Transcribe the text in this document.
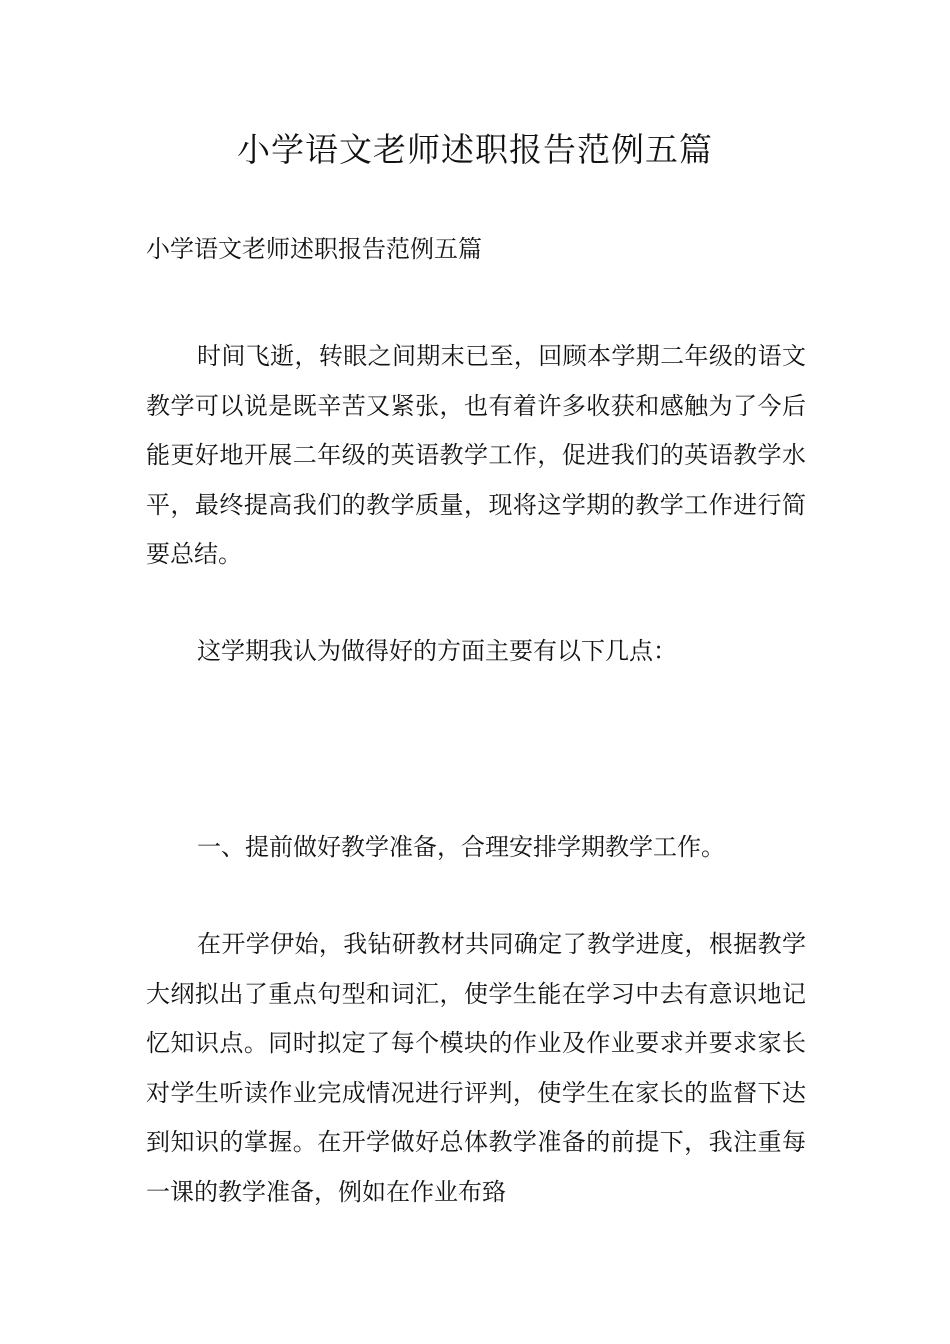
小学语文老师述职报告范例五篇
小学语文老师述职报告范例五篇

时间飞逝，转眼之间期末已至，回顾本学期二年级的语文教学可以说是既辛苦又紧张，也有着许多收获和感触为了今后能更好地开展二年级的英语教学工作，促进我们的英语教学水平，最终提高我们的教学质量，现将这学期的教学工作进行简要总结。

这学期我认为做得好的方面主要有以下几点：

一、提前做好教学准备，合理安排学期教学工作。

在开学伊始，我钻研教材共同确定了教学进度，根据教学大纲拟出了重点句型和词汇，使学生能在学习中去有意识地记忆知识点。同时拟定了每个模块的作业及作业要求并要求家长对学生听读作业完成情况进行评判，使学生在家长的监督下达到知识的掌握。在开学做好总体教学准备的前提下，我注重每一课的教学准备，例如在作业布臵
